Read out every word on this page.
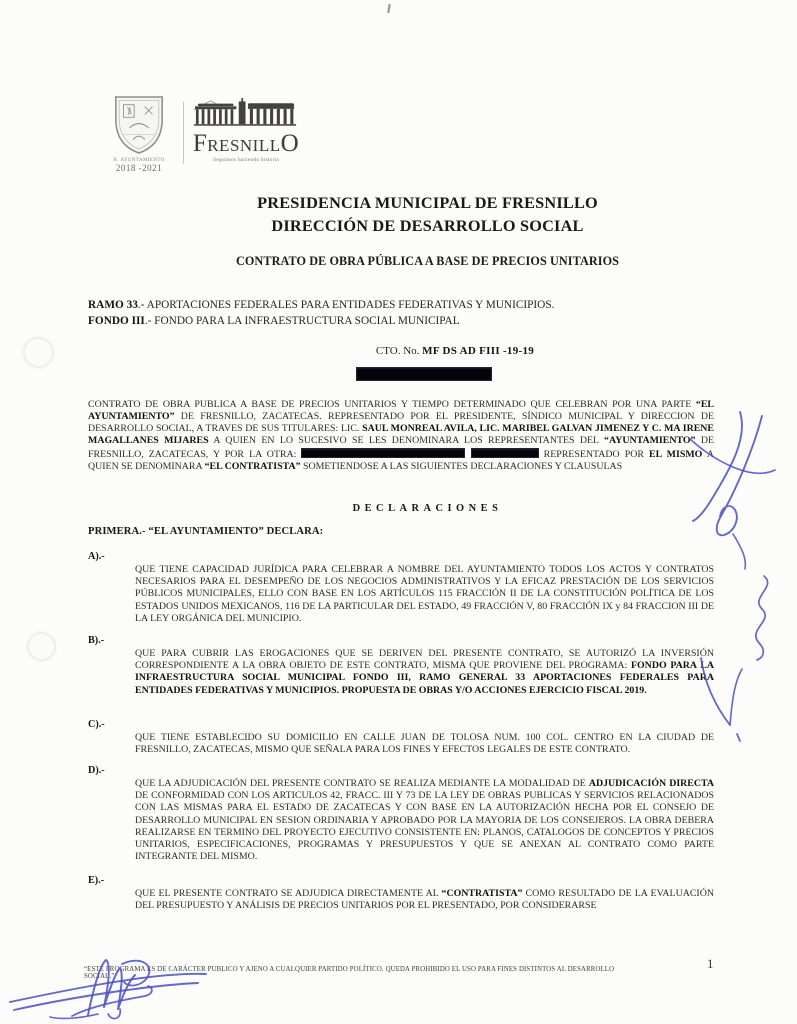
H. AYUNTAMIENTO
2018 -2021
FRESNILLO
Seguimos haciendo historia
PRESIDENCIA MUNICIPAL DE FRESNILLO
DIRECCIÓN DE DESARROLLO SOCIAL
CONTRATO DE OBRA PÚBLICA A BASE DE PRECIOS UNITARIOS
RAMO 33.- APORTACIONES FEDERALES PARA ENTIDADES FEDERATIVAS Y MUNICIPIOS.
FONDO III.- FONDO PARA LA INFRAESTRUCTURA SOCIAL MUNICIPAL
CTO. No. MF DS AD FIII -19-19

CONTRATO DE OBRA PUBLICA A BASE DE PRECIOS UNITARIOS Y TIEMPO DETERMINADO QUE CELEBRAN POR UNA PARTE “EL AYUNTAMIENTO” DE FRESNILLO, ZACATECAS. REPRESENTADO POR EL PRESIDENTE, SÍNDICO MUNICIPAL Y DIRECCION DE DESARROLLO SOCIAL, A TRAVES DE SUS TITULARES: LIC. SAUL MONREAL AVILA, LIC. MARIBEL GALVAN JIMENEZ Y C. MA IRENE MAGALLANES MIJARES A QUIEN EN LO SUCESIVO SE LES DENOMINARA LOS REPRESENTANTES DEL “AYUNTAMIENTO” DE FRESNILLO, ZACATECAS, Y POR LA OTRA:	REPRESENTADO POR EL MISMO A QUIEN SE DENOMINARA “EL CONTRATISTA” SOMETIENDOSE A LAS SIGUIENTES DECLARACIONES Y CLAUSULAS

DECLARACIONES
PRIMERA.- “EL AYUNTAMIENTO” DECLARA:
A).-

QUE TIENE CAPACIDAD JURÍDICA PARA CELEBRAR A NOMBRE DEL AYUNTAMIENTO TODOS LOS ACTOS Y CONTRATOS NECESARIOS PARA EL DESEMPEÑO DE LOS NEGOCIOS ADMINISTRATIVOS Y LA EFICAZ PRESTACIÓN DE LOS SERVICIOS PÚBLICOS MUNICIPALES, ELLO CON BASE EN LOS ARTÍCULOS 115 FRACCIÓN II DE LA CONSTITUCIÓN POLÍTICA DE LOS ESTADOS UNIDOS MEXICANOS, 116 DE LA PARTICULAR DEL ESTADO, 49 FRACCIÓN V, 80 FRACCIÓN IX y 84 FRACCION III DE LA LEY ORGÁNICA DEL MUNICIPIO.

B).-

QUE PARA CUBRIR LAS EROGACIONES QUE SE DERIVEN DEL PRESENTE CONTRATO, SE AUTORIZÓ LA INVERSIÓN CORRESPONDIENTE A LA OBRA OBJETO DE ESTE CONTRATO, MISMA QUE PROVIENE DEL PROGRAMA: FONDO PARA LA INFRAESTRUCTURA SOCIAL MUNICIPAL FONDO III, RAMO GENERAL 33 APORTACIONES FEDERALES PARA ENTIDADES FEDERATIVAS Y MUNICIPIOS. PROPUESTA DE OBRAS Y/O ACCIONES EJERCICIO FISCAL 2019.

C).-

QUE TIENE ESTABLECIDO SU DOMICILIO EN CALLE JUAN DE TOLOSA NUM. 100 COL. CENTRO EN LA CIUDAD DE FRESNILLO, ZACATECAS, MISMO QUE SEÑALA PARA LOS FINES Y EFECTOS LEGALES DE ESTE CONTRATO.

D).-

QUE LA ADJUDICACIÓN DEL PRESENTE CONTRATO SE REALIZA MEDIANTE LA MODALIDAD DE ADJUDICACIÓN DIRECTA DE CONFORMIDAD CON LOS ARTICULOS 42, FRACC. III Y 73 DE LA LEY DE OBRAS PUBLICAS Y SERVICIOS RELACIONADOS CON LAS MISMAS PARA EL ESTADO DE ZACATECAS Y CON BASE EN LA AUTORIZACIÓN HECHA POR EL CONSEJO DE DESARROLLO MUNICIPAL EN SESION ORDINARIA Y APROBADO POR LA MAYORIA DE LOS CONSEJEROS. LA OBRA DEBERA REALIZARSE EN TERMINO DEL PROYECTO EJECUTIVO CONSISTENTE EN: PLANOS, CATALOGOS DE CONCEPTOS Y PRECIOS UNITARIOS, ESPECIFICACIONES, PROGRAMAS Y PRESUPUESTOS Y QUE SE ANEXAN AL CONTRATO COMO PARTE INTEGRANTE DEL MISMO.

E).-

QUE EL PRESENTE CONTRATO SE ADJUDICA DIRECTAMENTE AL “CONTRATISTA” COMO RESULTADO DE LA EVALUACIÓN DEL PRESUPUESTO Y ANÁLISIS DE PRECIOS UNITARIOS POR EL PRESENTADO, POR CONSIDERARSE

“ESTE PROGRAMA ES DE CARÁCTER PUBLICO Y AJENO A CUALQUIER PARTIDO POLÍTICO. QUEDA PROHIBIDO EL USO PARA FINES DISTINTOS AL DESARROLLO SOCIAL.”
1
